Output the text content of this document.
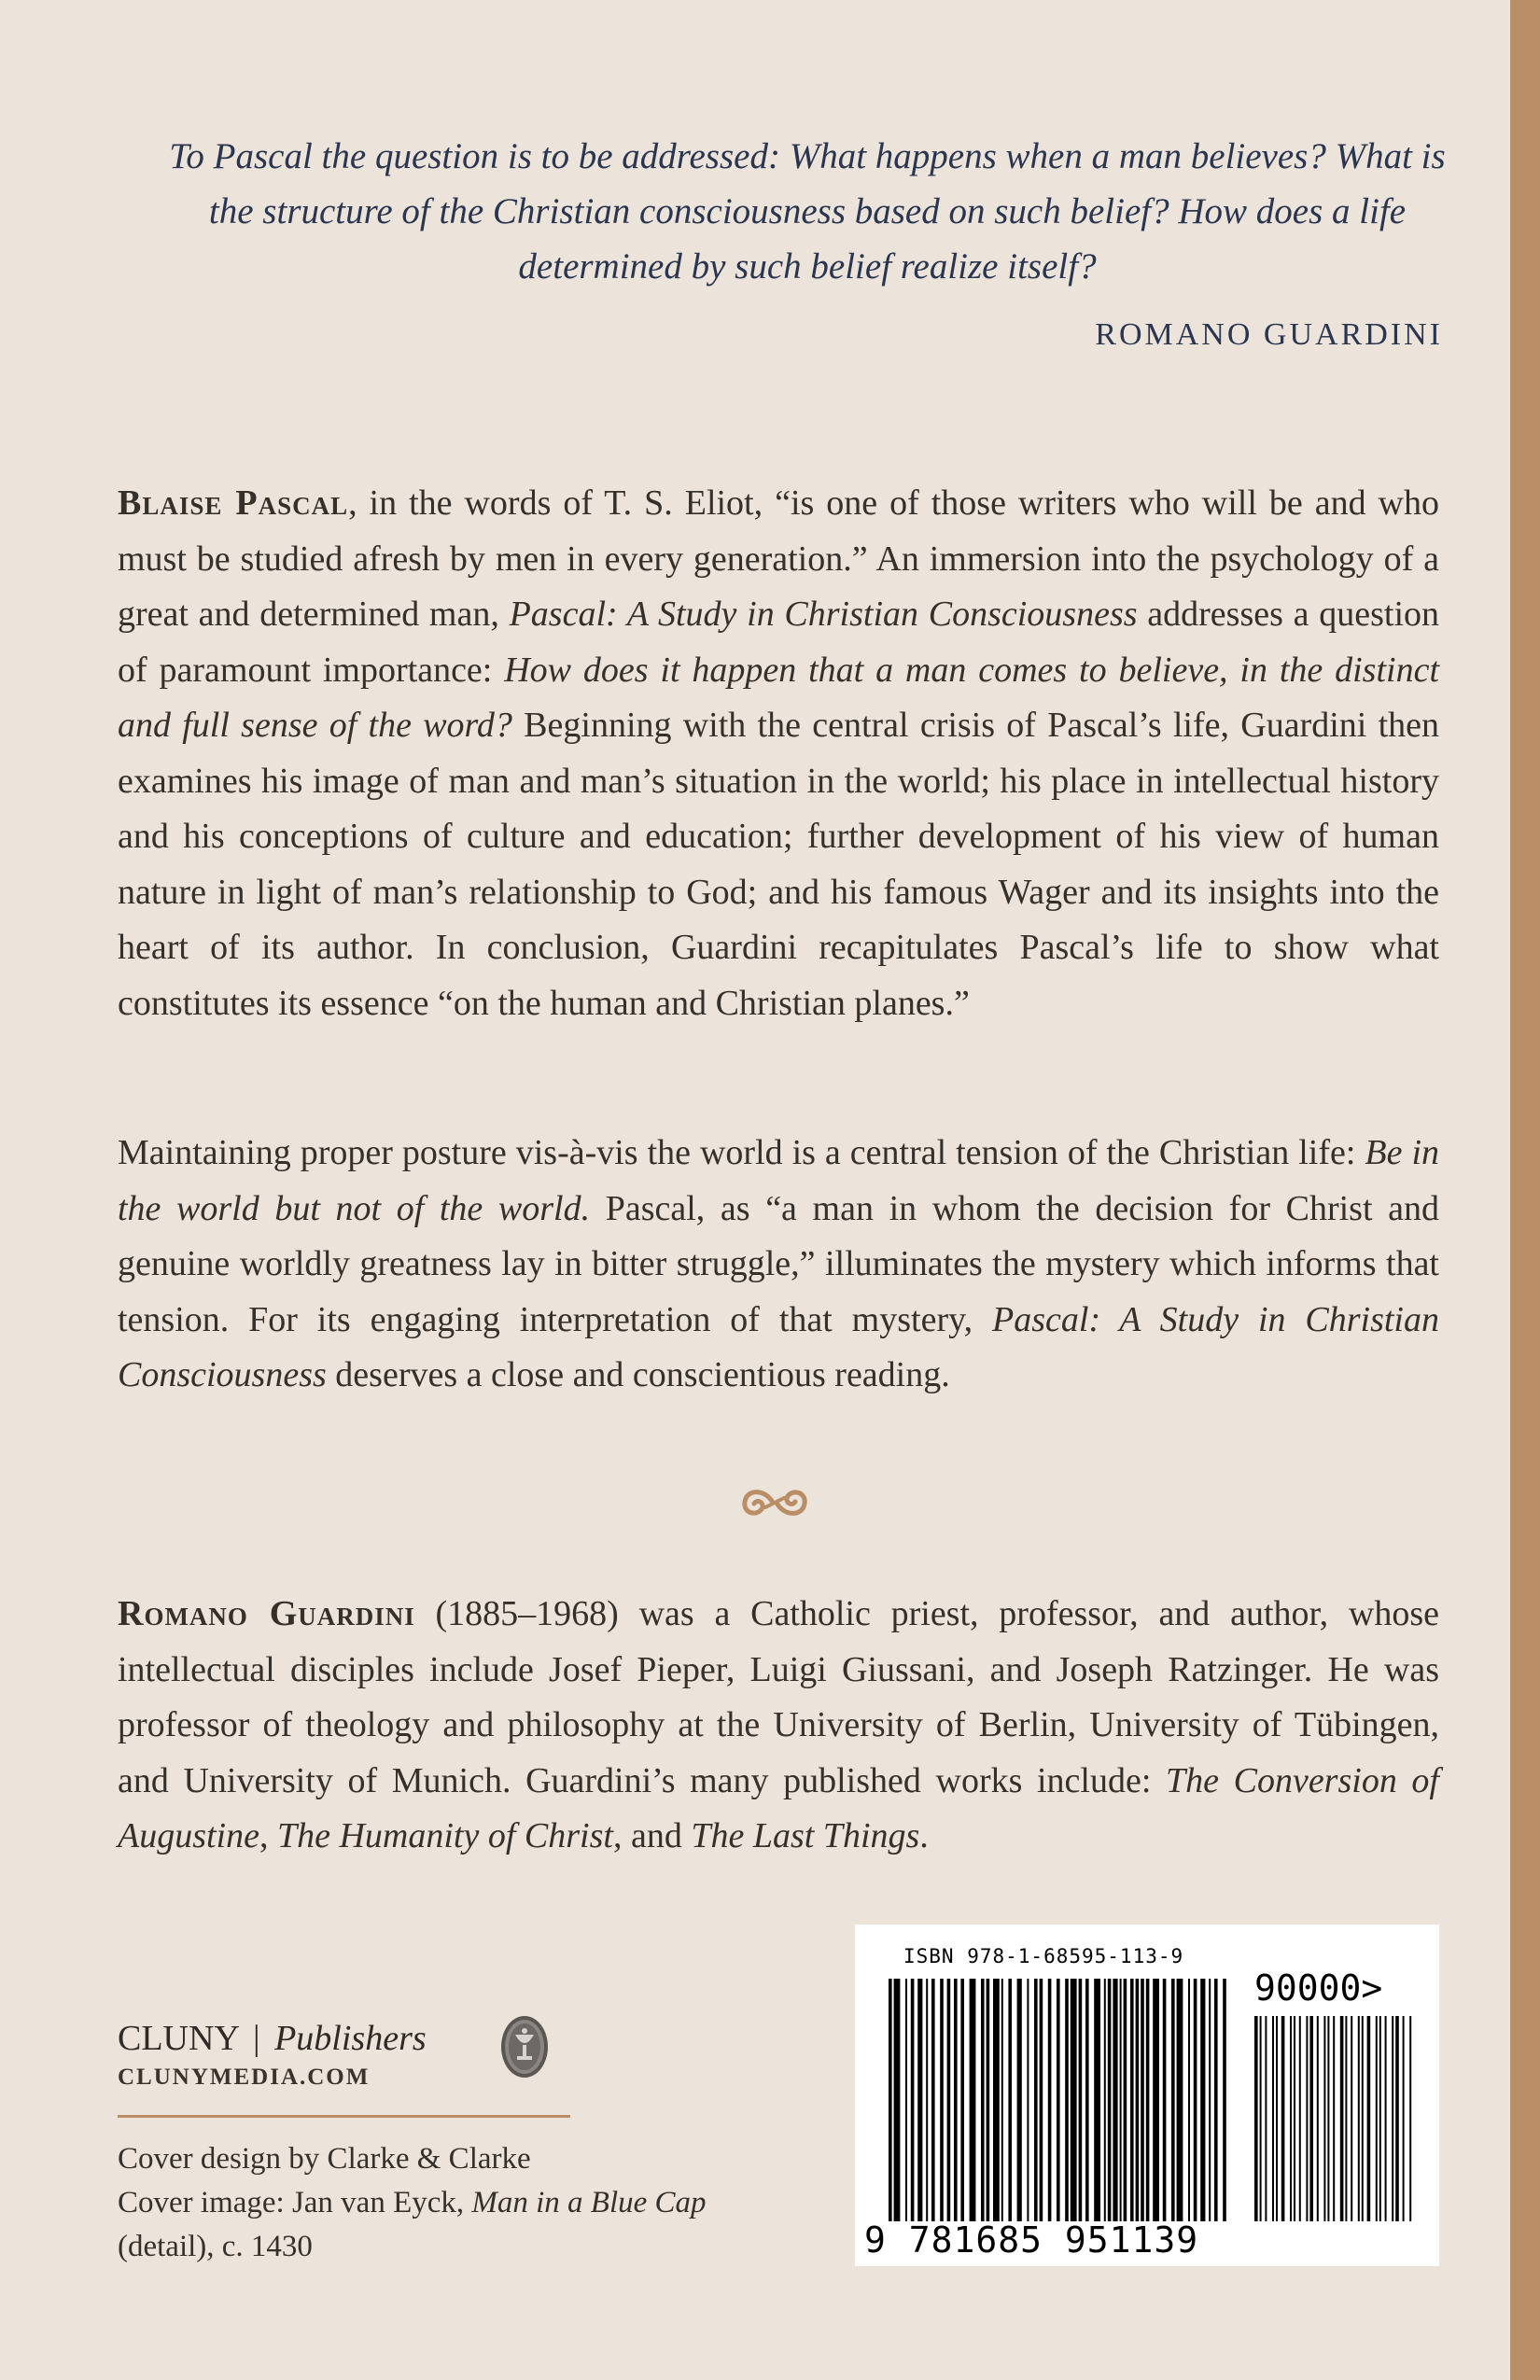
To Pascal the question is to be addressed: What happens when a man believes? What is the structure of the Christian consciousness based on such belief? How does a life determined by such belief realize itself?
ROMANO GUARDINI
Blaise Pascal, in the words of T. S. Eliot, “is one of those writers who will be and who must be studied afresh by men in every generation.” An immersion into the psychology of a great and determined man, Pascal: A Study in Christian Consciousness addresses a question of paramount importance: How does it happen that a man comes to believe, in the distinct and full sense of the word? Beginning with the central crisis of Pascal’s life, Guardini then examines his image of man and man’s situation in the world; his place in intellectual history and his conceptions of culture and education; further development of his view of human nature in light of man’s relationship to God; and his famous Wager and its insights into the heart of its author. In conclusion, Guardini recapitulates Pascal’s life to show what constitutes its essence “on the human and Christian planes.”
Maintaining proper posture vis-à-vis the world is a central tension of the Christian life: Be in the world but not of the world. Pascal, as “a man in whom the decision for Christ and genuine worldly greatness lay in bitter struggle,” illuminates the mystery which informs that tension. For its engaging interpretation of that mystery, Pascal: A Study in Christian Consciousness deserves a close and conscientious reading.
Romano Guardini (1885–1968) was a Catholic priest, professor, and author, whose intellectual disciples include Josef Pieper, Luigi Giussani, and Joseph Ratzinger. He was professor of theology and philosophy at the University of Berlin, University of Tübingen, and University of Munich. Guardini’s many published works include: The Conversion of Augustine, The Humanity of Christ, and The Last Things.
CLUNY | Publishers
CLUNYMEDIA.COM
Cover design by Clarke & Clarke
Cover image: Jan van Eyck, Man in a Blue Cap
(detail), c. 1430
ISBN 978-1-68595-113-9
90000>
9 781685 951139
